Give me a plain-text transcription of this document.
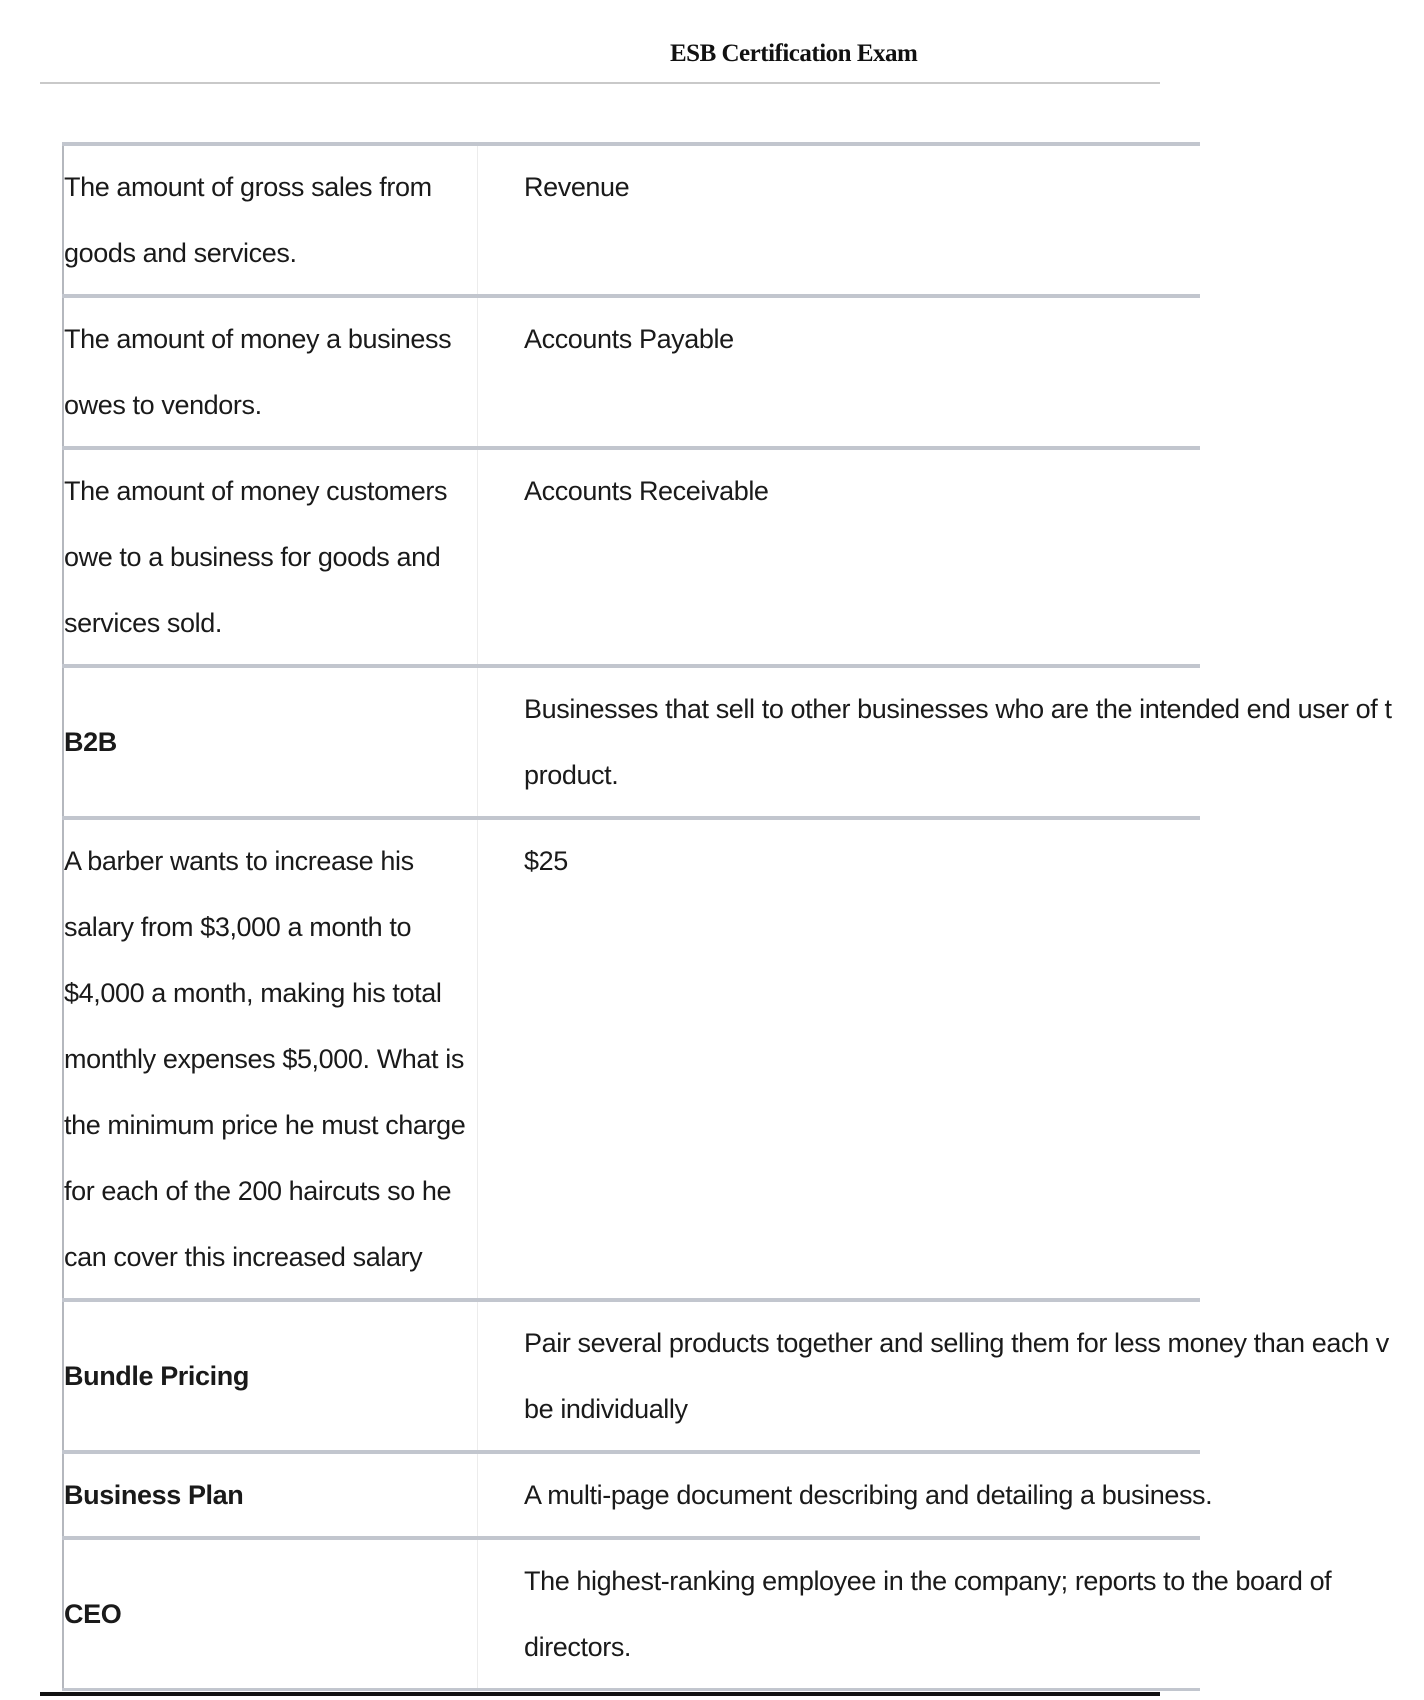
ESB Certification Exam
The amount of gross sales from goods and services.	Revenue

The amount of money a business owes to vendors.	Accounts Payable

The amount of money customers owe to a business for goods and services sold.	Accounts Receivable

B2B	Businesses that sell to other businesses who are the intended end user of t product.

A barber wants to increase his salary from $3,000 a month to $4,000 a month, making his total monthly expenses $5,000. What is the minimum price he must charge for each of the 200 haircuts so he can cover this increased salary	$25

Bundle Pricing	Pair several products together and selling them for less money than each v be individually

Business Plan	A multi-page document describing and detailing a business.

CEO	The highest-ranking employee in the company; reports to the board of directors.
